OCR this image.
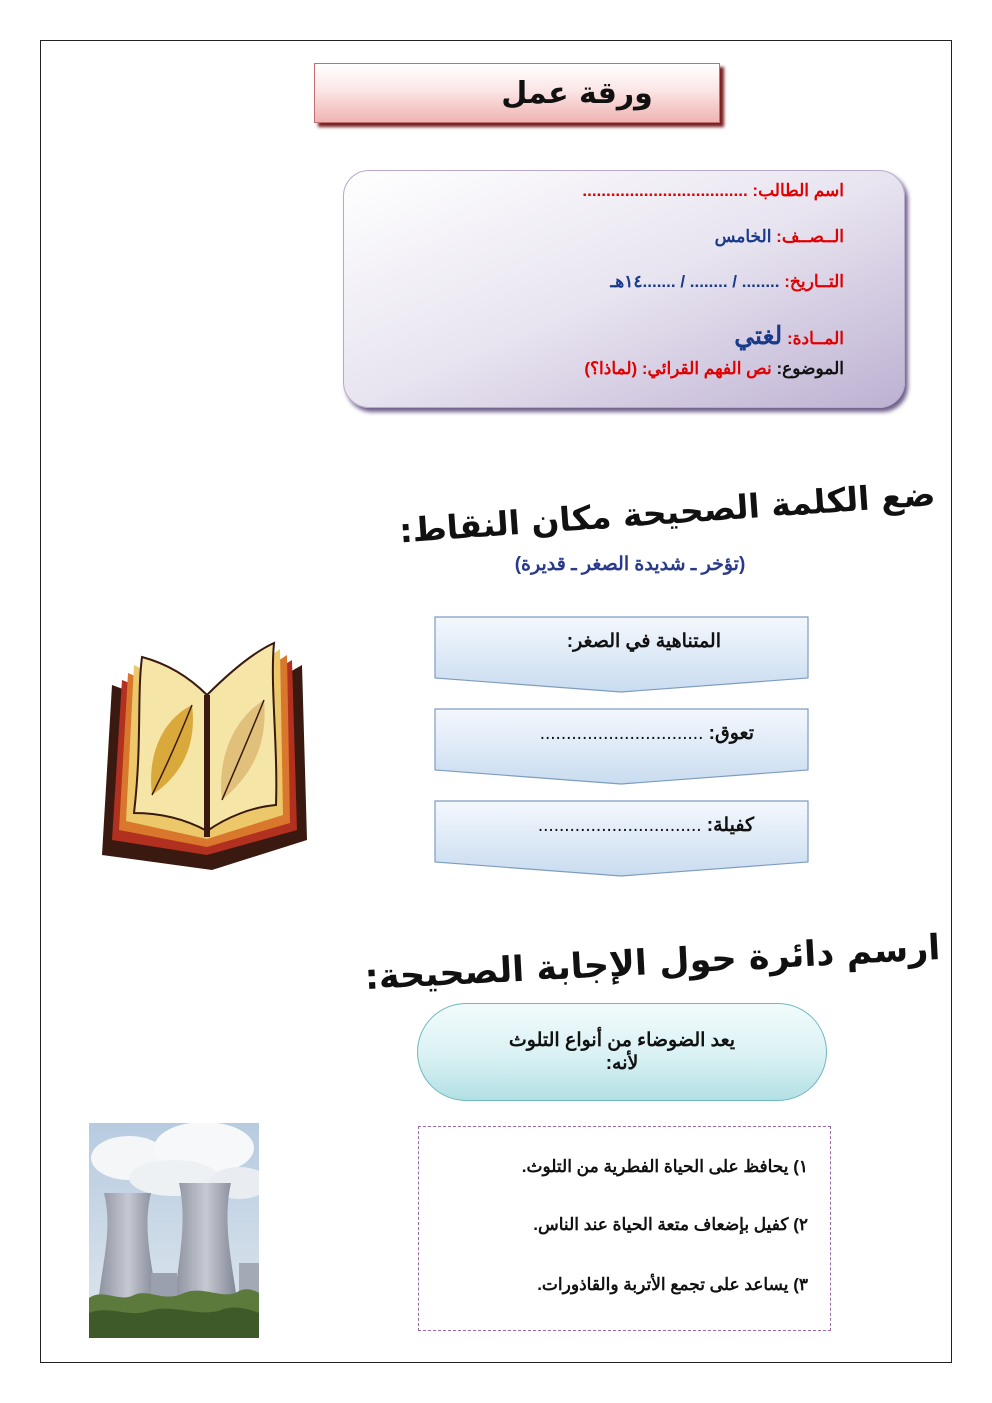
ورقة عمل
اسم الطالب: ...................................
الــصــف: الخامس
التــاريخ: ........ / ........ / .......١٤هـ
المــادة: لغتي
الموضوع: نص الفهم القرائي: (لماذا؟)
ضع الكلمة الصحيحة مكان النقاط:
(تؤخر ـ شديدة الصغر ـ قديرة)
المتناهية في الصغر:
تعوق: ...............................
كفيلة: ...............................
ارسم دائرة حول الإجابة الصحيحة:
يعد الضوضاء من أنواع التلوث
لأنه:
١) يحافظ على الحياة الفطرية من التلوث.
٢) كفيل بإضعاف متعة الحياة عند الناس.
٣) يساعد على تجمع الأتربة والقاذورات.
